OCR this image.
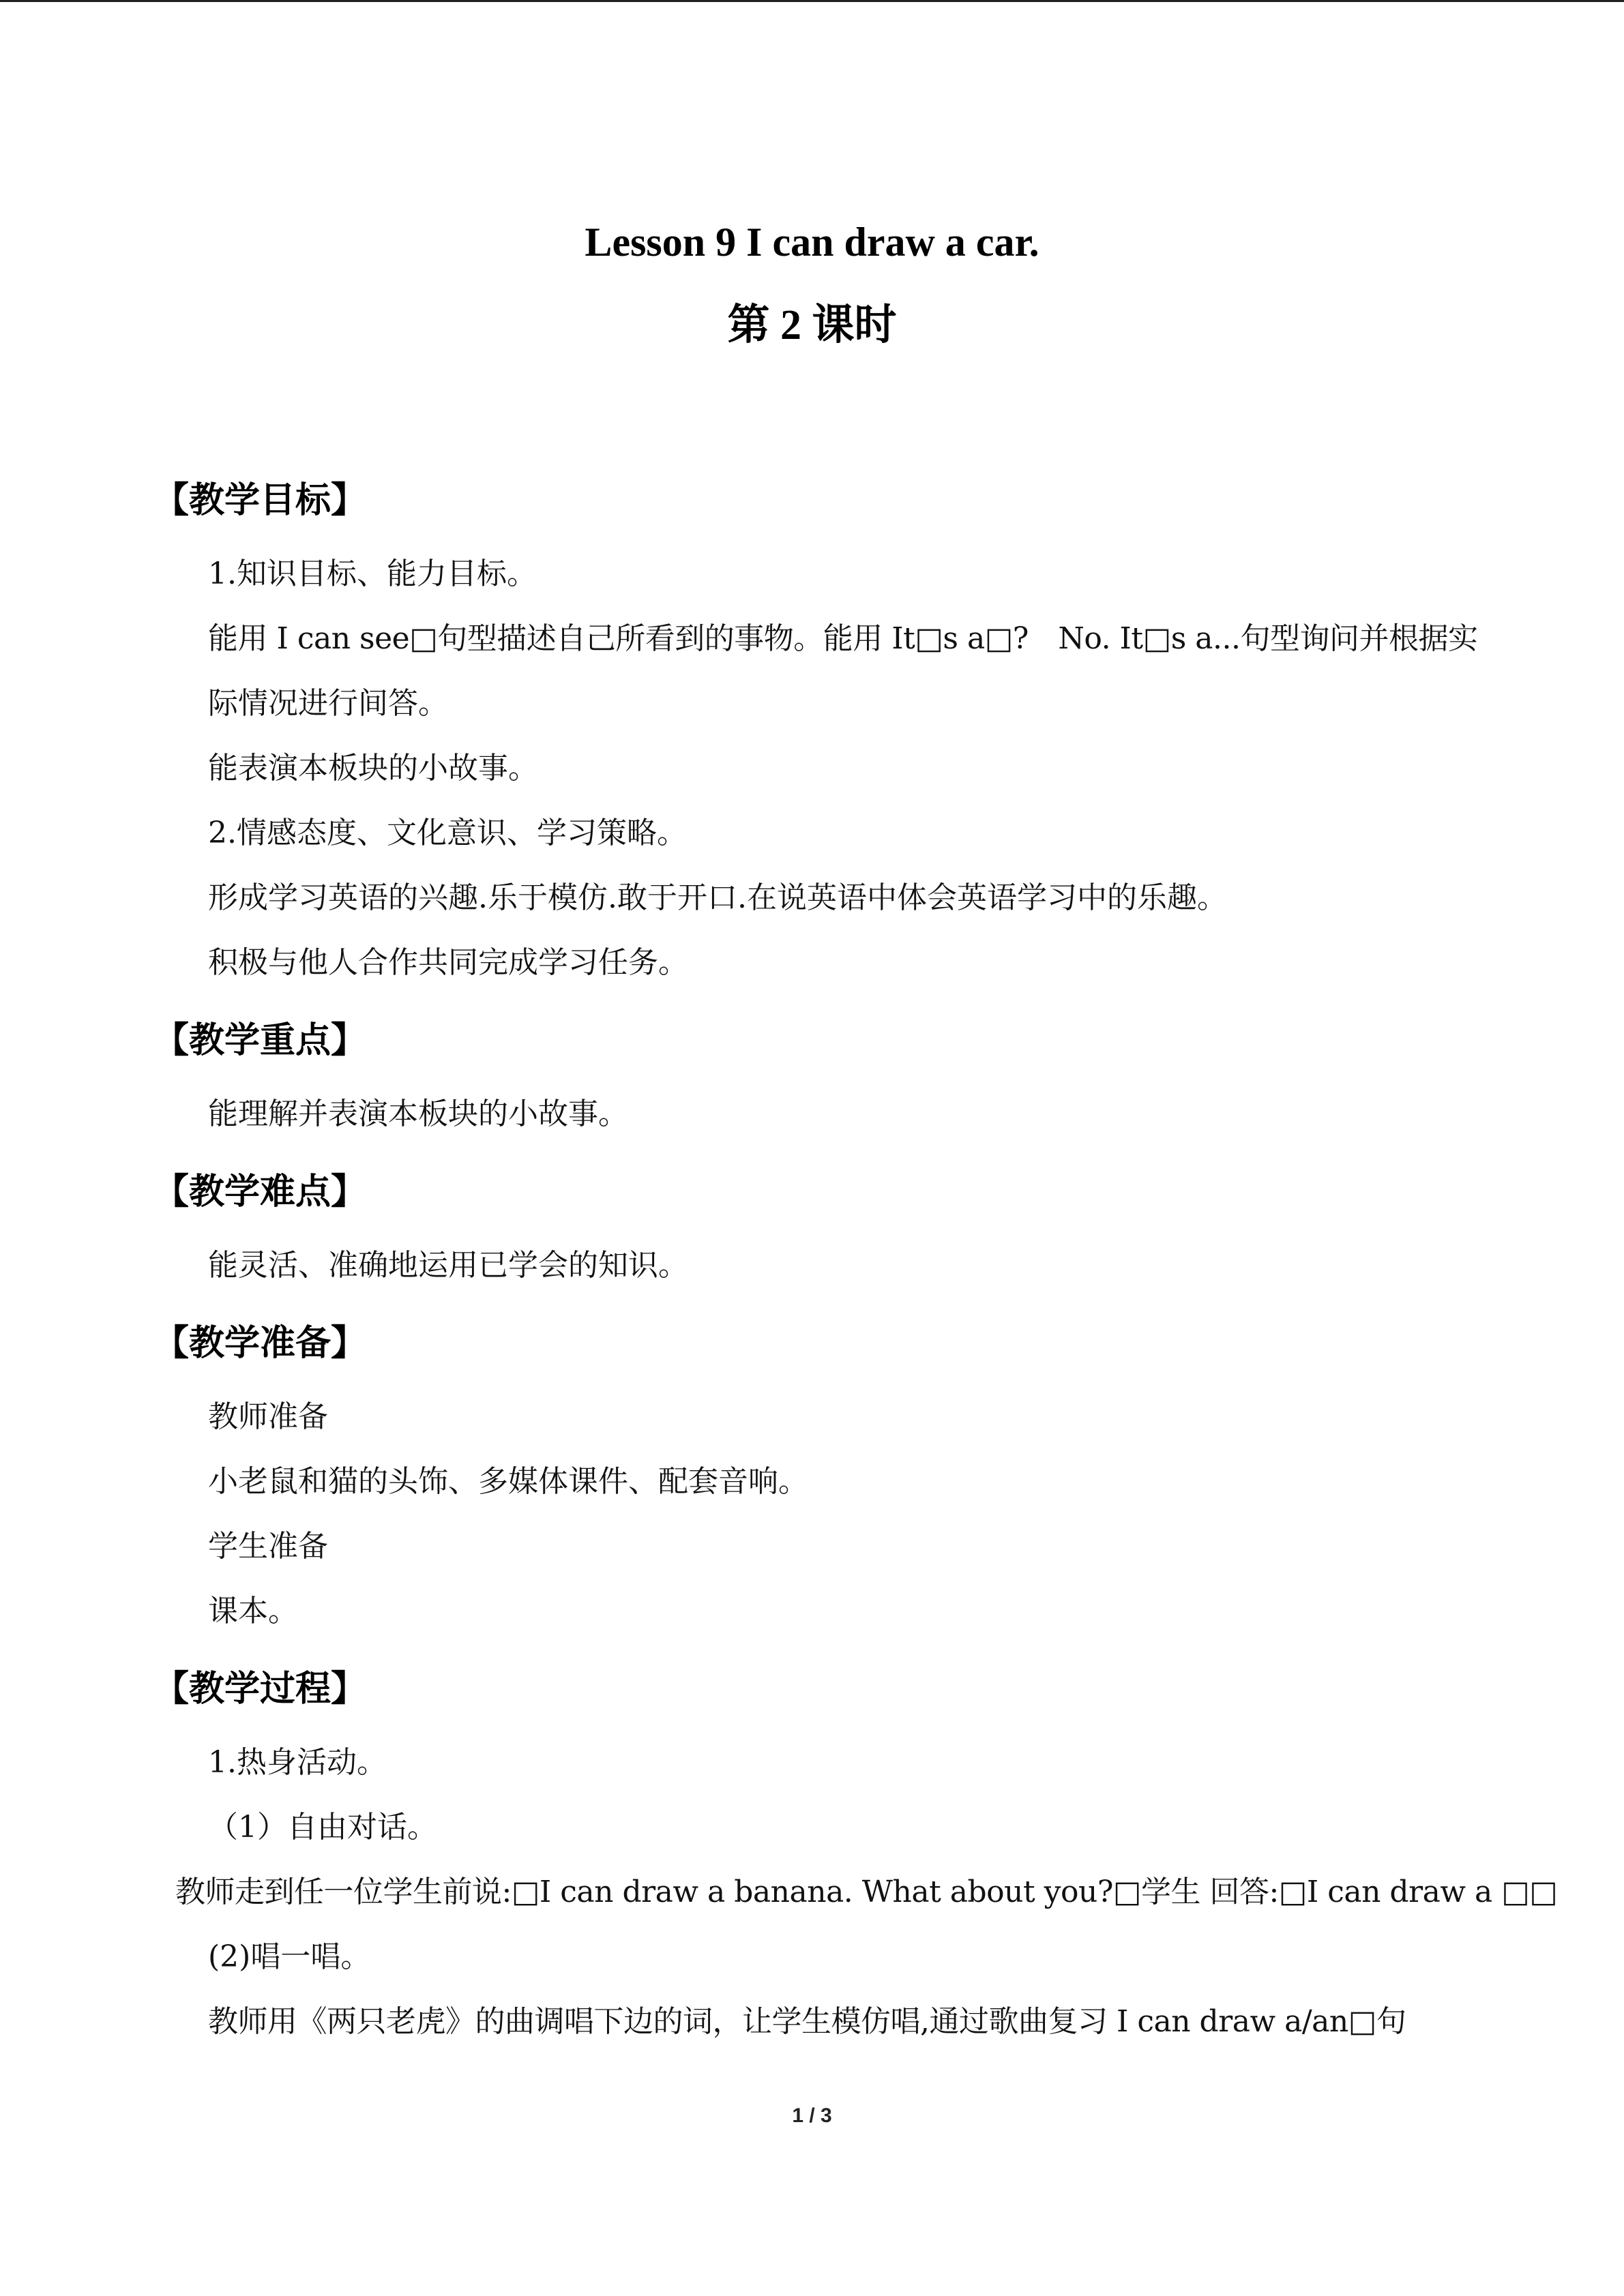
Lesson 9 I can draw a car.
第 2 课时
【教学目标】
1.知识目标、能力目标。
能用 I can see□句型描述自己所看到的事物。能用 It□s a□?　No. It□s a...句型询问并根据实
际情况进行间答。
能表演本板块的小故事。
2.情感态度、文化意识、学习策略。
形成学习英语的兴趣.乐于模仿.敢于开口.在说英语中体会英语学习中的乐趣。
积极与他人合作共同完成学习任务。
【教学重点】
能理解并表演本板块的小故事。
【教学难点】
能灵活、准确地运用已学会的知识。
【教学准备】
教师准备
小老鼠和猫的头饰、多媒体课件、配套音响。
学生准备
课本。
【教学过程】
1.热身活动。
（1）自由对话。
教师走到任一位学生前说:□I can draw a banana. What about you?□学生 回答:□I can draw a □□
(2)唱一唱。
教师用《两只老虎》的曲调唱下边的词，让学生模仿唱,通过歌曲复习 I can draw a/an□句
1 / 3
